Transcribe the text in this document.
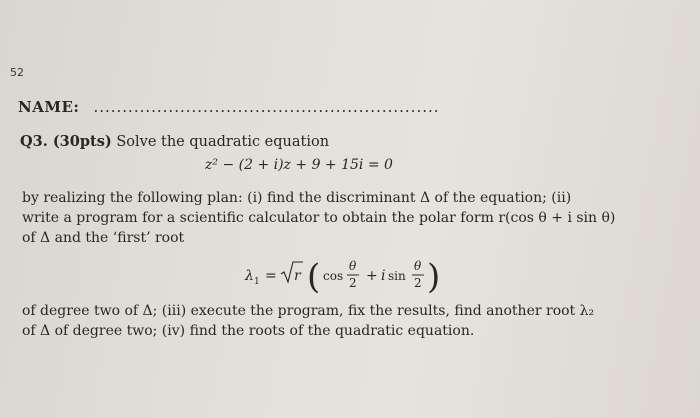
52
NAME: ............................................................
Q3. (30pts) Solve the quadratic equation
z² − (2 + i)z + 9 + 15i = 0
by realizing the following plan: (i) find the discriminant Δ of the equation; (ii)
write a program for a scientific calculator to obtain the polar form r(cos θ + i sin θ)
of Δ and the ‘first’ root
λ 1 = r ( cos
θ
2 + i sin
θ
2 )
of degree two of Δ; (iii) execute the program, fix the results, find another root λ₂
of Δ of degree two; (iv) find the roots of the quadratic equation.
